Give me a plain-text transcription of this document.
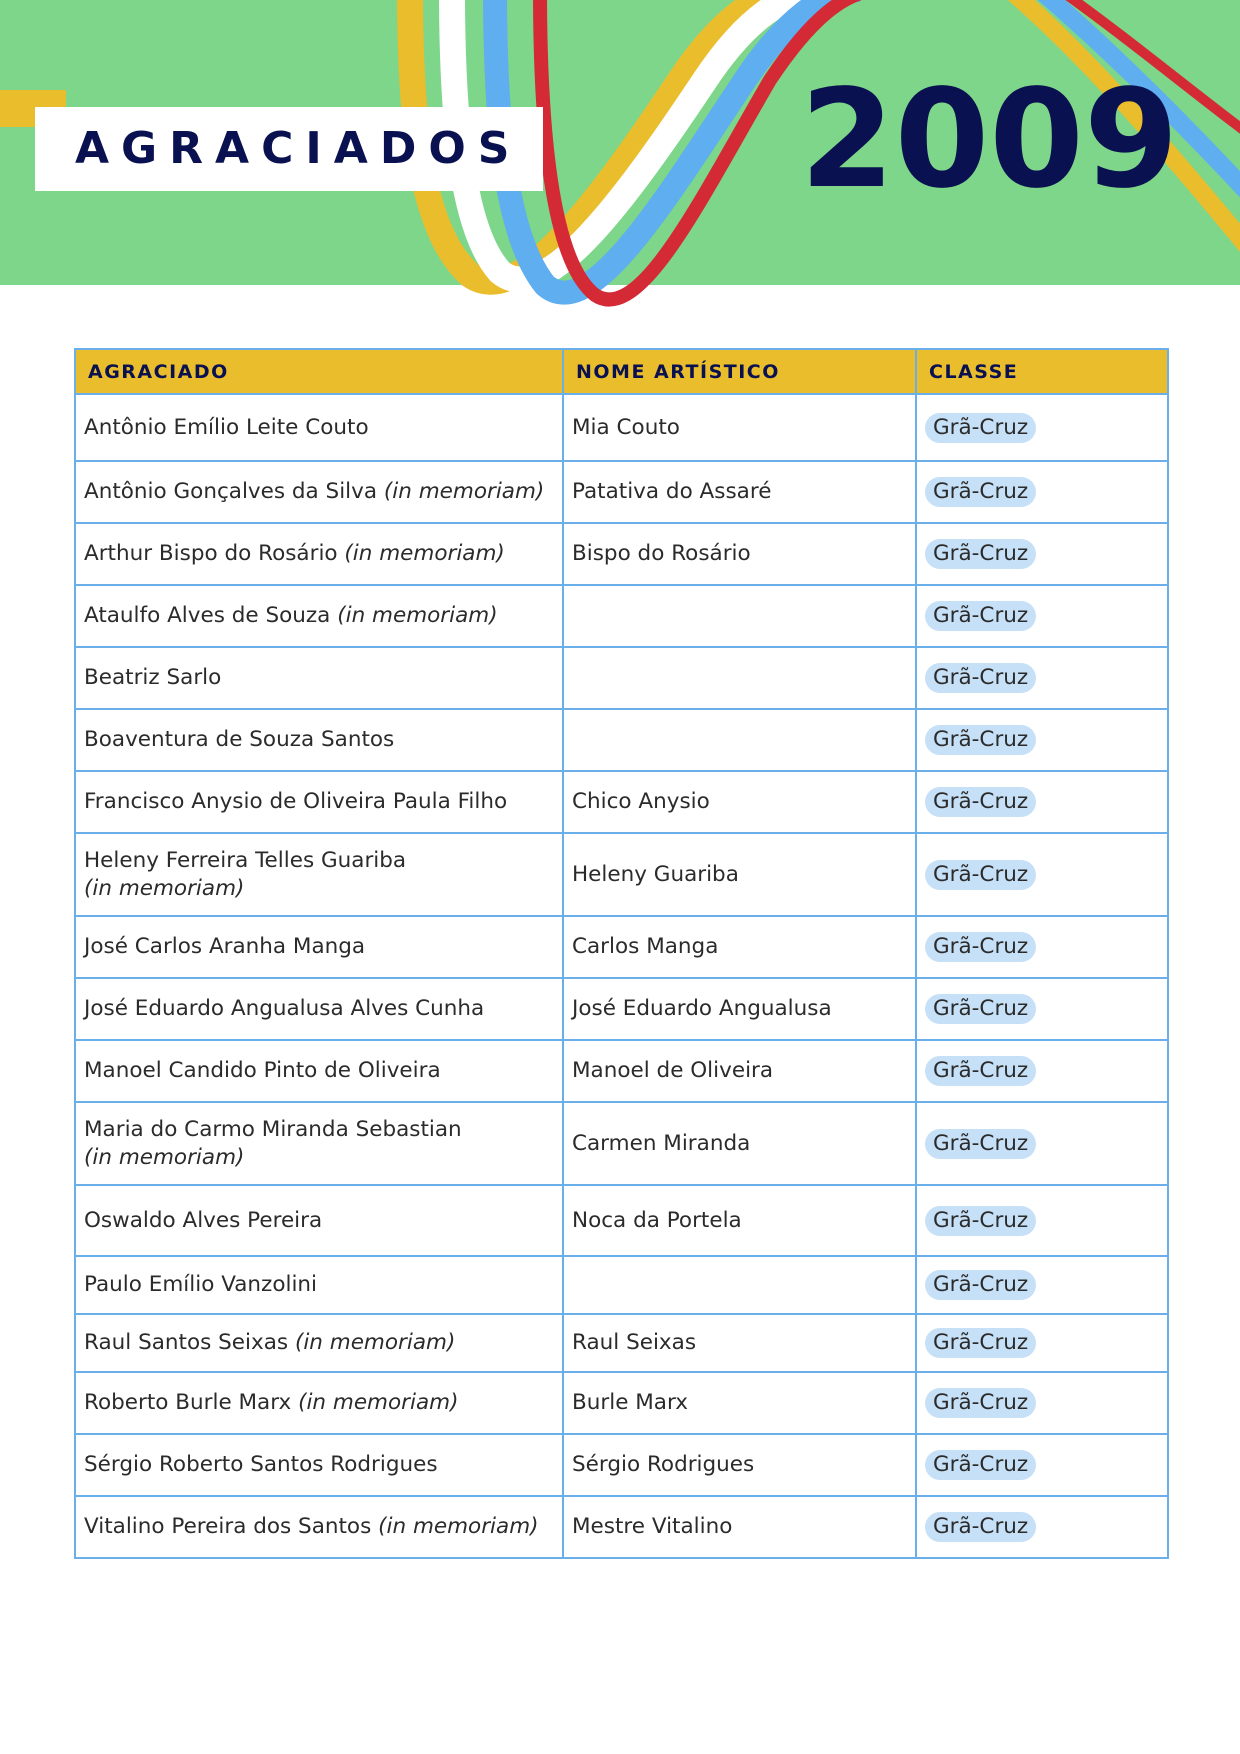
AGRACIADOS 2009
AGRACIADO	NOME ARTÍSTICO	CLASSE
Antônio Emílio Leite Couto	Mia Couto	Grã-Cruz
Antônio Gonçalves da Silva (in memoriam)	Patativa do Assaré	Grã-Cruz
Arthur Bispo do Rosário (in memoriam)	Bispo do Rosário	Grã-Cruz
Ataulfo Alves de Souza (in memoriam)		Grã-Cruz
Beatriz Sarlo		Grã-Cruz
Boaventura de Souza Santos		Grã-Cruz
Francisco Anysio de Oliveira Paula Filho	Chico Anysio	Grã-Cruz
Heleny Ferreira Telles Guariba
(in memoriam)	Heleny Guariba	Grã-Cruz
José Carlos Aranha Manga	Carlos Manga	Grã-Cruz
José Eduardo Angualusa Alves Cunha	José Eduardo Angualusa	Grã-Cruz
Manoel Candido Pinto de Oliveira	Manoel de Oliveira	Grã-Cruz
Maria do Carmo Miranda Sebastian
(in memoriam)	Carmen Miranda	Grã-Cruz
Oswaldo Alves Pereira	Noca da Portela	Grã-Cruz
Paulo Emílio Vanzolini		Grã-Cruz
Raul Santos Seixas (in memoriam)	Raul Seixas	Grã-Cruz
Roberto Burle Marx (in memoriam)	Burle Marx	Grã-Cruz
Sérgio Roberto Santos Rodrigues	Sérgio Rodrigues	Grã-Cruz
Vitalino Pereira dos Santos (in memoriam)	Mestre Vitalino	Grã-Cruz
